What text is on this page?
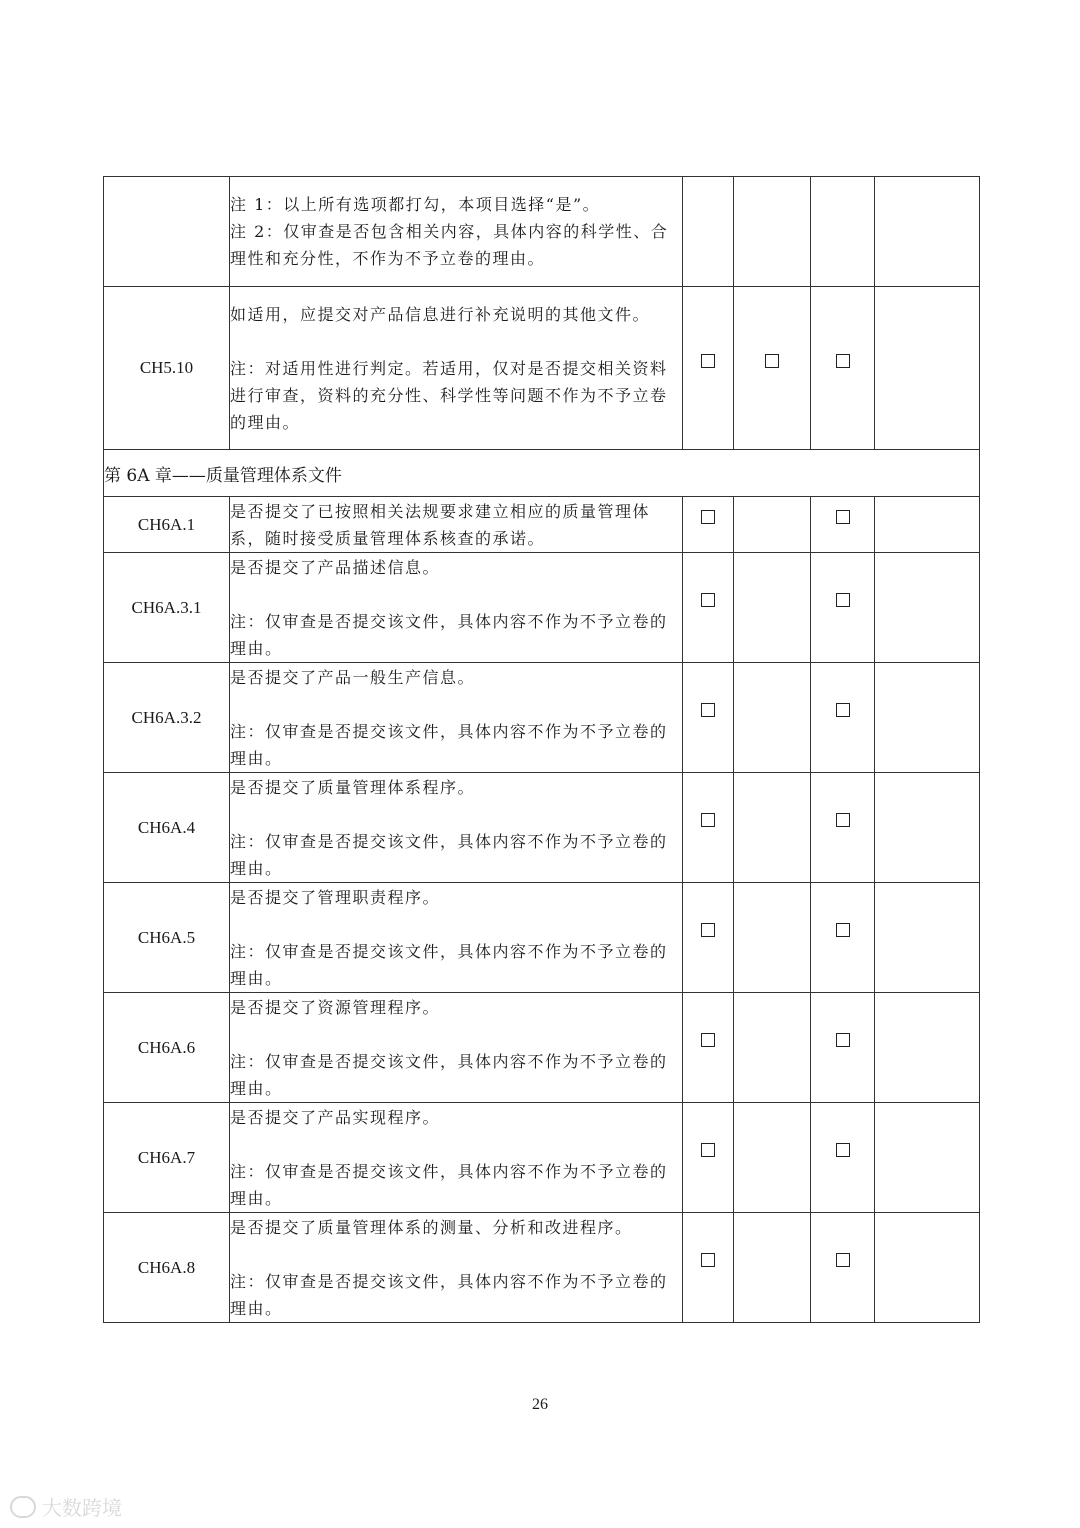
	注 1：以上所有选项都打勾，本项目选择“是”。

注 2：仅审查是否包含相关内容，具体内容的科学性、合理性和充分性，不作为不予立卷的理由。				

CH5.10	如适用，应提交对产品信息进行补充说明的其他文件。

注：对适用性进行判定。若适用，仅对是否提交相关资料进行审查，资料的充分性、科学性等问题不作为不予立卷的理由。				

第 6A 章——质量管理体系文件					
CH6A.1	是否提交了已按照相关法规要求建立相应的质量管理体系，随时接受质量管理体系核查的承诺。				

CH6A.3.1	是否提交了产品描述信息。

注：仅审查是否提交该文件，具体内容不作为不予立卷的理由。				

CH6A.3.2	是否提交了产品一般生产信息。

注：仅审查是否提交该文件，具体内容不作为不予立卷的理由。				

CH6A.4	是否提交了质量管理体系程序。

注：仅审查是否提交该文件，具体内容不作为不予立卷的理由。				

CH6A.5	是否提交了管理职责程序。

注：仅审查是否提交该文件，具体内容不作为不予立卷的理由。				

CH6A.6	是否提交了资源管理程序。

注：仅审查是否提交该文件，具体内容不作为不予立卷的理由。				

CH6A.7	是否提交了产品实现程序。

注：仅审查是否提交该文件，具体内容不作为不予立卷的理由。				

CH6A.8	是否提交了质量管理体系的测量、分析和改进程序。

注：仅审查是否提交该文件，具体内容不作为不予立卷的理由。				

26
大数跨境
